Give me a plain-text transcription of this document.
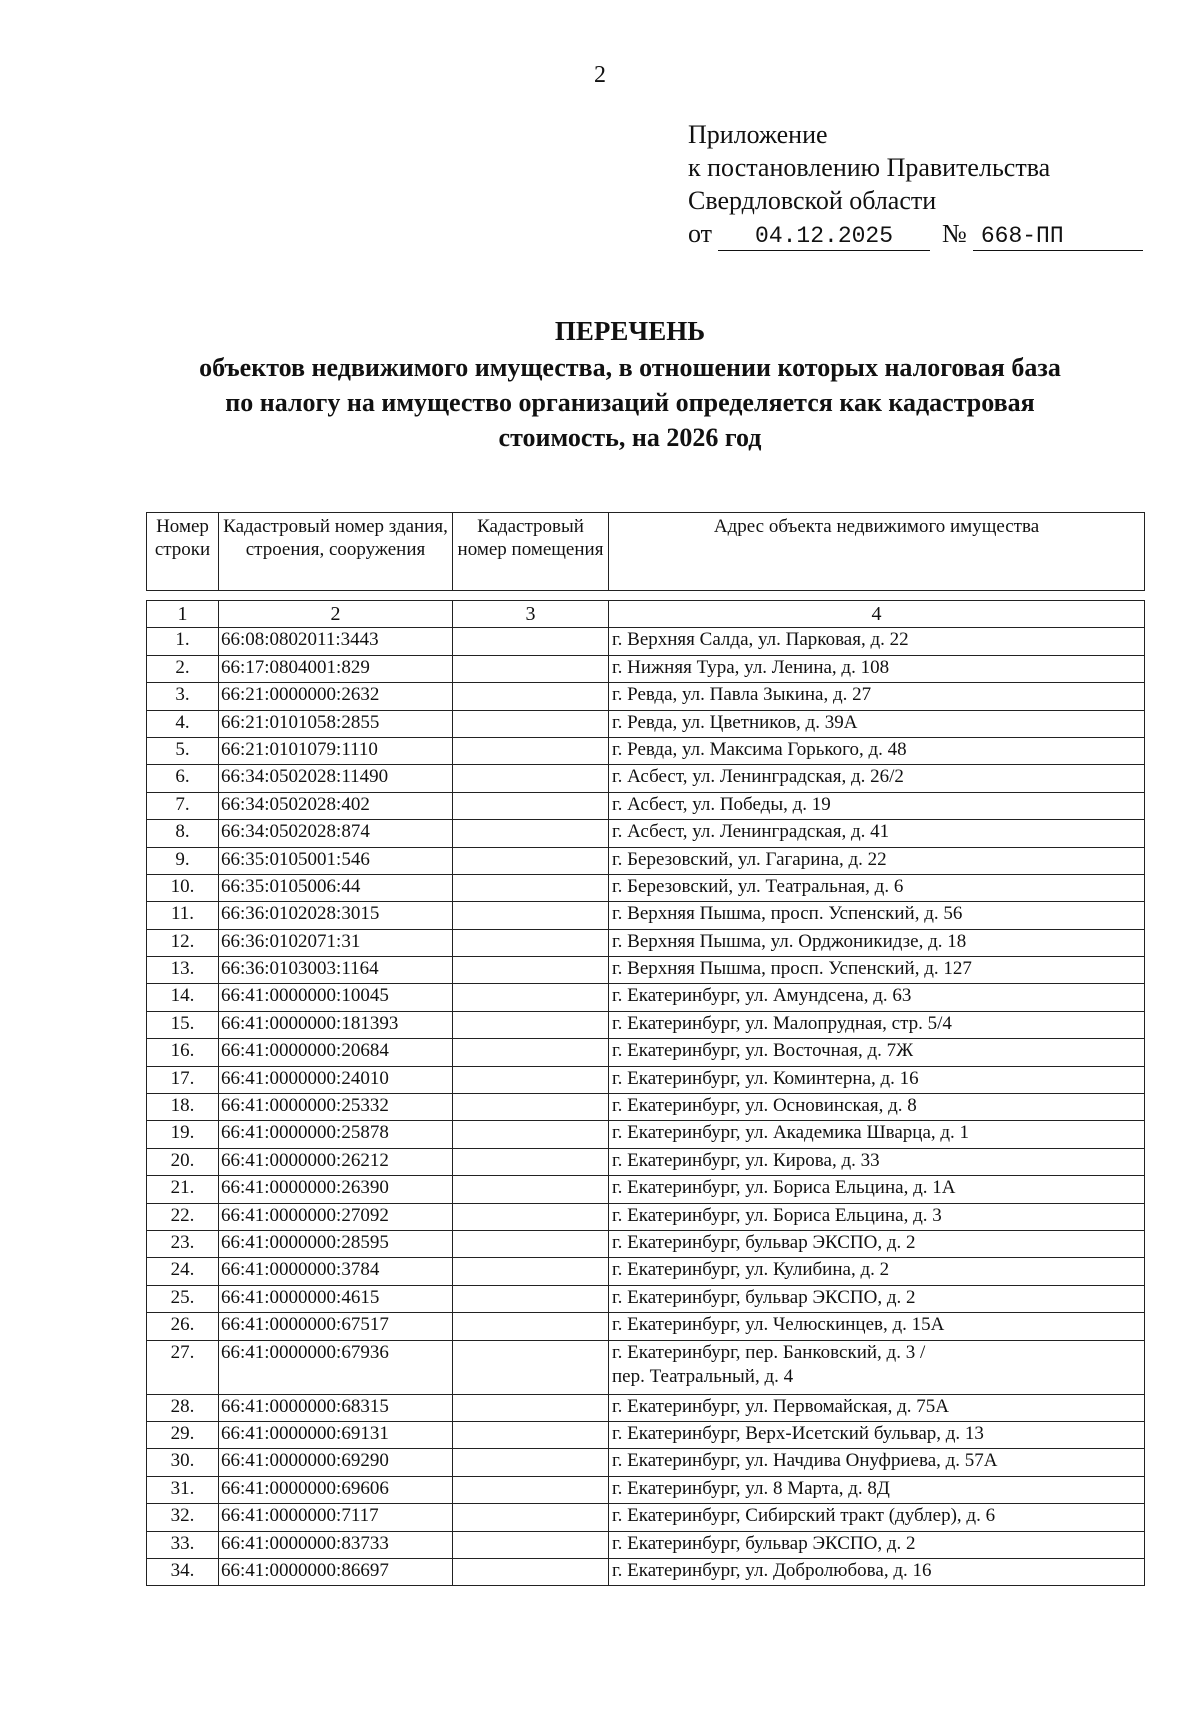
2
Приложение
к постановлению Правительства
Свердловской области
от 04.12.2025 № 668-ПП
ПЕРЕЧЕНЬ
объектов недвижимого имущества, в отношении которых налоговая база
по налогу на имущество организаций определяется как кадастровая
стоимость, на 2026 год
Номер строки	Кадастровый номер здания, строения, сооружения	Кадастровый номер помещения	Адрес объекта недвижимого имущества
1	2	3	4
1.	66:08:0802011:3443		г. Верхняя Салда, ул. Парковая, д. 22
2.	66:17:0804001:829		г. Нижняя Тура, ул. Ленина, д. 108
3.	66:21:0000000:2632		г. Ревда, ул. Павла Зыкина, д. 27
4.	66:21:0101058:2855		г. Ревда, ул. Цветников, д. 39А
5.	66:21:0101079:1110		г. Ревда, ул. Максима Горького, д. 48
6.	66:34:0502028:11490		г. Асбест, ул. Ленинградская, д. 26/2
7.	66:34:0502028:402		г. Асбест, ул. Победы, д. 19
8.	66:34:0502028:874		г. Асбест, ул. Ленинградская, д. 41
9.	66:35:0105001:546		г. Березовский, ул. Гагарина, д. 22
10.	66:35:0105006:44		г. Березовский, ул. Театральная, д. 6
11.	66:36:0102028:3015		г. Верхняя Пышма, просп. Успенский, д. 56
12.	66:36:0102071:31		г. Верхняя Пышма, ул. Орджоникидзе, д. 18
13.	66:36:0103003:1164		г. Верхняя Пышма, просп. Успенский, д. 127
14.	66:41:0000000:10045		г. Екатеринбург, ул. Амундсена, д. 63
15.	66:41:0000000:181393		г. Екатеринбург, ул. Малопрудная, стр. 5/4
16.	66:41:0000000:20684		г. Екатеринбург, ул. Восточная, д. 7Ж
17.	66:41:0000000:24010		г. Екатеринбург, ул. Коминтерна, д. 16
18.	66:41:0000000:25332		г. Екатеринбург, ул. Основинская, д. 8
19.	66:41:0000000:25878		г. Екатеринбург, ул. Академика Шварца, д. 1
20.	66:41:0000000:26212		г. Екатеринбург, ул. Кирова, д. 33
21.	66:41:0000000:26390		г. Екатеринбург, ул. Бориса Ельцина, д. 1А
22.	66:41:0000000:27092		г. Екатеринбург, ул. Бориса Ельцина, д. 3
23.	66:41:0000000:28595		г. Екатеринбург, бульвар ЭКСПО, д. 2
24.	66:41:0000000:3784		г. Екатеринбург, ул. Кулибина, д. 2
25.	66:41:0000000:4615		г. Екатеринбург, бульвар ЭКСПО, д. 2
26.	66:41:0000000:67517		г. Екатеринбург, ул. Челюскинцев, д. 15А
27.	66:41:0000000:67936		г. Екатеринбург, пер. Банковский, д. 3 /
пер. Театральный, д. 4
28.	66:41:0000000:68315		г. Екатеринбург, ул. Первомайская, д. 75А
29.	66:41:0000000:69131		г. Екатеринбург, Верх-Исетский бульвар, д. 13
30.	66:41:0000000:69290		г. Екатеринбург, ул. Начдива Онуфриева, д. 57А
31.	66:41:0000000:69606		г. Екатеринбург, ул. 8 Марта, д. 8Д
32.	66:41:0000000:7117		г. Екатеринбург, Сибирский тракт (дублер), д. 6
33.	66:41:0000000:83733		г. Екатеринбург, бульвар ЭКСПО, д. 2
34.	66:41:0000000:86697		г. Екатеринбург, ул. Добролюбова, д. 16
